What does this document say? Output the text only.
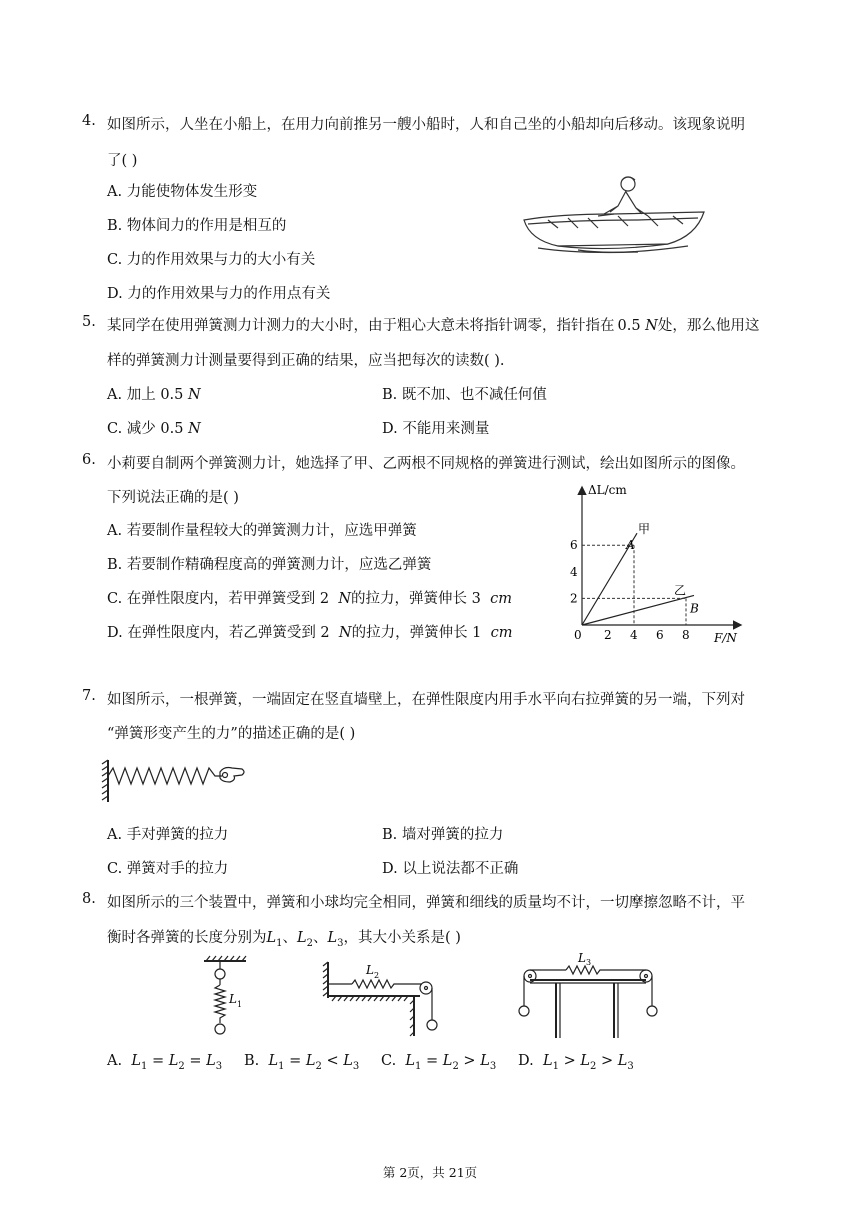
4. 如图所示，人坐在小船上，在用力向前推另一艘小船时，人和自己坐的小船却向后移动。该现象说明
了( )
A. 力能使物体发生形变
B. 物体间力的作用是相互的
C. 力的作用效果与力的大小有关
D. 力的作用效果与力的作用点有关
5. 某同学在使用弹簧测力计测力的大小时，由于粗心大意未将指针调零，指针指在 0.5 N处，那么他用这
样的弹簧测力计测量要得到正确的结果，应当把每次的读数( ).
A. 加上 0.5 N	B. 既不加、也不减任何值
C. 减少 0.5 N	D. 不能用来测量
6. 小莉要自制两个弹簧测力计，她选择了甲、乙两根不同规格的弹簧进行测试，绘出如图所示的图像。
下列说法正确的是( )
A. 若要制作量程较大的弹簧测力计，应选甲弹簧
B. 若要制作精确程度高的弹簧测力计，应选乙弹簧
C. 在弹性限度内，若甲弹簧受到 2 N的拉力，弹簧伸长 3 cm
D. 在弹性限度内，若乙弹簧受到 2 N的拉力，弹簧伸长 1 cm
ΔL/cm
F/N
0 2 4 6 8
2
4
6	A
甲
B
乙
7. 如图所示，一根弹簧，一端固定在竖直墙壁上，在弹性限度内用手水平向右拉弹簧的另一端，下列对
“弹簧形变产生的力”的描述正确的是( )
A. 手对弹簧的拉力	B. 墙对弹簧的拉力
C. 弹簧对手的拉力	D. 以上说法都不正确
8. 如图所示的三个装置中，弹簧和小球均完全相同，弹簧和细线的质量均不计，一切摩擦忽略不计，平
衡时各弹簧的长度分别为$L_1$、$L_2$、$L_3$，其大小关系是( )
L 1
L 2
L 3
A. $L_1 = L_2 = L_3$ B. $L_1 = L_2 < L_3$ C. $L_1 = L_2 > L_3$ D. $L_1 > L_2 > L_3$
第 2页，共 21页
